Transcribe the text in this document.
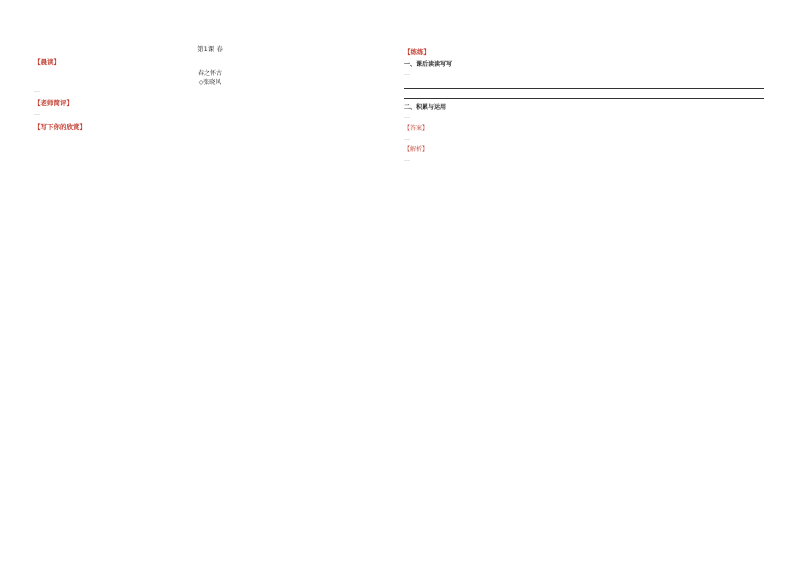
第1课 春
【晨读】
春之怀古
◇张晓风
…
【老师简评】
…
【写下你的欣赏】
【练练】
一、课后读读写写
…
二、积累与运用
…
【答案】
…
【解析】
…
